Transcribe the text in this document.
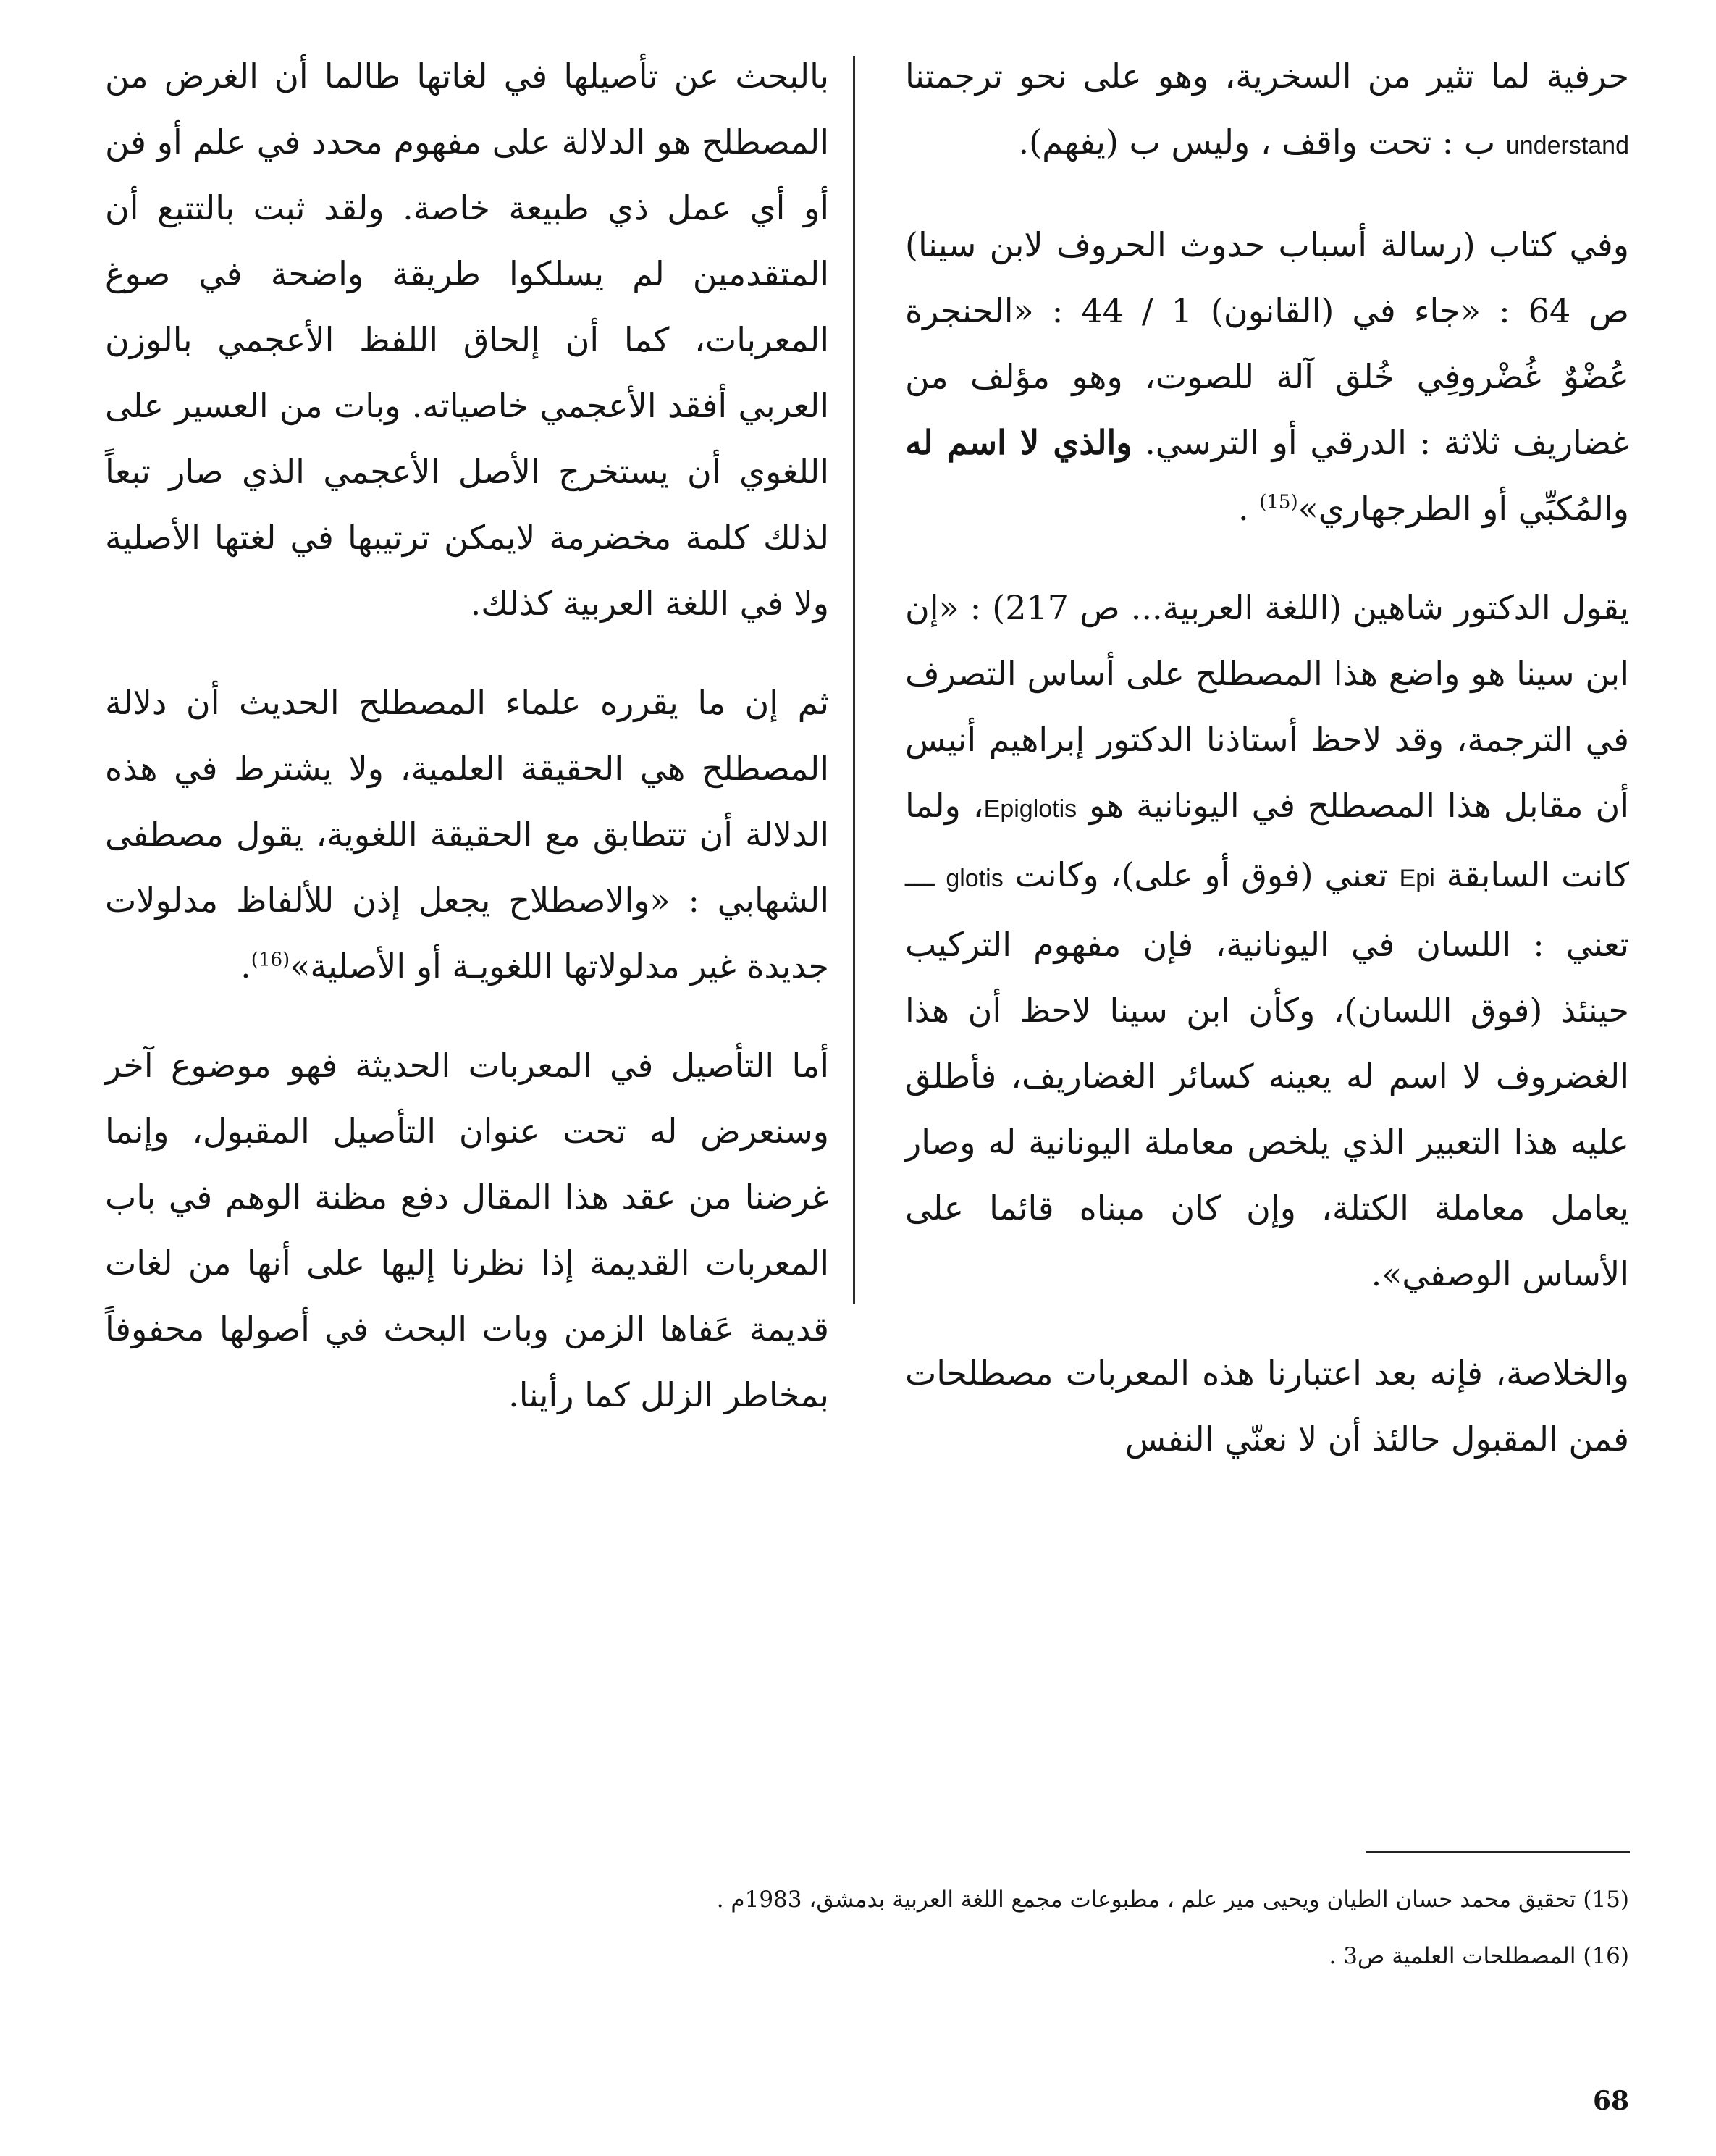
حرفية لما تثير من السخرية، وهو على نحو ترجمتنا understand ب : تحت واقف ، وليس ب (يفهم).

وفي كتاب (رسالة أسباب حدوث الحروف لابن سينا) ص 64 : «جاء في (القانون) 1 / 44 : «الحنجرة عُضْوٌ غُضْروفِي خُلق آلة للصوت، وهو مؤلف من غضاريف ثلاثة : الدرقي أو الترسي. والذي لا اسم له والمُكبِّي أو الطرجهاري»$^{(15)}$ .

يقول الدكتور شاهين (اللغة العربية... ص 217) : «إن ابن سينا هو واضع هذا المصطلح على أساس التصرف في الترجمة، وقد لاحظ أستاذنا الدكتور إبراهيم أنيس أن مقابل هذا المصطلح في اليونانية هو Epiglotis، ولما كانت السابقة Epi تعني (فوق أو على)، وكانت glotis ـــ تعني : اللسان في اليونانية، فإن مفهوم التركيب حينئذ (فوق اللسان)، وكأن ابن سينا لاحظ أن هذا الغضروف لا اسم له يعينه كسائر الغضاريف، فأطلق عليه هذا التعبير الذي يلخص معاملة اليونانية له وصار يعامل معاملة الكتلة، وإن كان مبناه قائما على الأساس الوصفي».

والخلاصة، فإنه بعد اعتبارنا هذه المعربات مصطلحات فمن المقبول حالئذ أن لا نعنّي النفس

بالبحث عن تأصيلها في لغاتها طالما أن الغرض من المصطلح هو الدلالة على مفهوم محدد في علم أو فن أو أي عمل ذي طبيعة خاصة. ولقد ثبت بالتتبع أن المتقدمين لم يسلكوا طريقة واضحة في صوغ المعربات، كما أن إلحاق اللفظ الأعجمي بالوزن العربي أفقد الأعجمي خاصياته. وبات من العسير على اللغوي أن يستخرج الأصل الأعجمي الذي صار تبعاً لذلك كلمة مخضرمة لايمكن ترتيبها في لغتها الأصلية ولا في اللغة العربية كذلك.

ثم إن ما يقرره علماء المصطلح الحديث أن دلالة المصطلح هي الحقيقة العلمية، ولا يشترط في هذه الدلالة أن تتطابق مع الحقيقة اللغوية، يقول مصطفى الشهابي : «والاصطلاح يجعل إذن للألفاظ مدلولات جديدة غير مدلولاتها اللغويـة أو الأصلية»$^{(16)}$.

أما التأصيل في المعربات الحديثة فهو موضوع آخر وسنعرض له تحت عنوان التأصيل المقبول، وإنما غرضنا من عقد هذا المقال دفع مظنة الوهم في باب المعربات القديمة إذا نظرنا إليها على أنها من لغات قديمة عَفاها الزمن وبات البحث في أصولها محفوفاً بمخاطر الزلل كما رأينا.

(15) تحقيق محمد حسان الطيان ويحيى مير علم ، مطبوعات مجمع اللغة العربية بدمشق، 1983م .

(16) المصطلحات العلمية ص3 .

68
